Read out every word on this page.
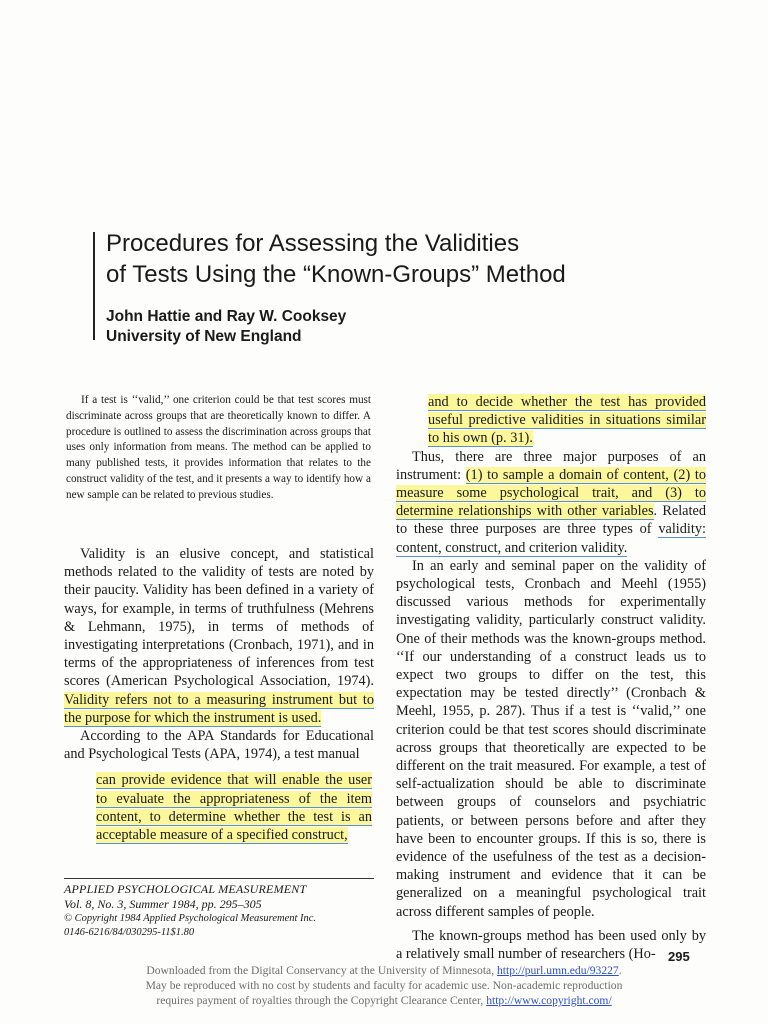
Procedures for Assessing the Validities
of Tests Using the “Known-Groups” Method
John Hattie and Ray W. Cooksey
University of New England
If a test is ‘‘valid,’’ one criterion could be that test scores must discriminate across groups that are theoretically known to differ. A procedure is outlined to assess the discrimination across groups that uses only information from means. The method can be applied to many published tests, it provides information that relates to the construct validity of the test, and it presents a way to identify how a new sample can be related to previous studies.

Validity is an elusive concept, and statistical methods related to the validity of tests are noted by their paucity. Validity has been defined in a variety of ways, for example, in terms of truthfulness (Mehrens & Lehmann, 1975), in terms of methods of investigating interpretations (Cronbach, 1971), and in terms of the appropriateness of inferences from test scores (American Psychological Association, 1974). Validity refers not to a measuring instrument but to the purpose for which the instrument is used.

According to the APA Standards for Educational and Psychological Tests (APA, 1974), a test manual

can provide evidence that will enable the user to evaluate the appropriateness of the item content, to determine whether the test is an acceptable measure of a specified construct,

APPLIED PSYCHOLOGICAL MEASUREMENT
Vol. 8, No. 3, Summer 1984, pp. 295–305
© Copyright 1984 Applied Psychological Measurement Inc.
0146-6216/84/030295-11$1.80

and to decide whether the test has provided useful predictive validities in situations similar to his own (p. 31).

Thus, there are three major purposes of an instrument: (1) to sample a domain of content, (2) to measure some psychological trait, and (3) to determine relationships with other variables. Related to these three purposes are three types of validity: content, construct, and criterion validity.

In an early and seminal paper on the validity of psychological tests, Cronbach and Meehl (1955) discussed various methods for experimentally investigating validity, particularly construct validity. One of their methods was the known-groups method. ‘‘If our understanding of a construct leads us to expect two groups to differ on the test, this expectation may be tested directly’’ (Cronbach & Meehl, 1955, p. 287). Thus if a test is ‘‘valid,’’ one criterion could be that test scores should discriminate across groups that theoretically are expected to be different on the trait measured. For example, a test of self-actualization should be able to discriminate between groups of counselors and psychiatric patients, or between persons before and after they have been to encounter groups. If this is so, there is evidence of the usefulness of the test as a decision-making instrument and evidence that it can be generalized on a meaningful psychological trait across different samples of people.

The known-groups method has been used only by a relatively small number of researchers (Ho- 295
Downloaded from the Digital Conservancy at the University of Minnesota, http://purl.umn.edu/93227.
May be reproduced with no cost by students and faculty for academic use. Non-academic reproduction
requires payment of royalties through the Copyright Clearance Center, http://www.copyright.com/
